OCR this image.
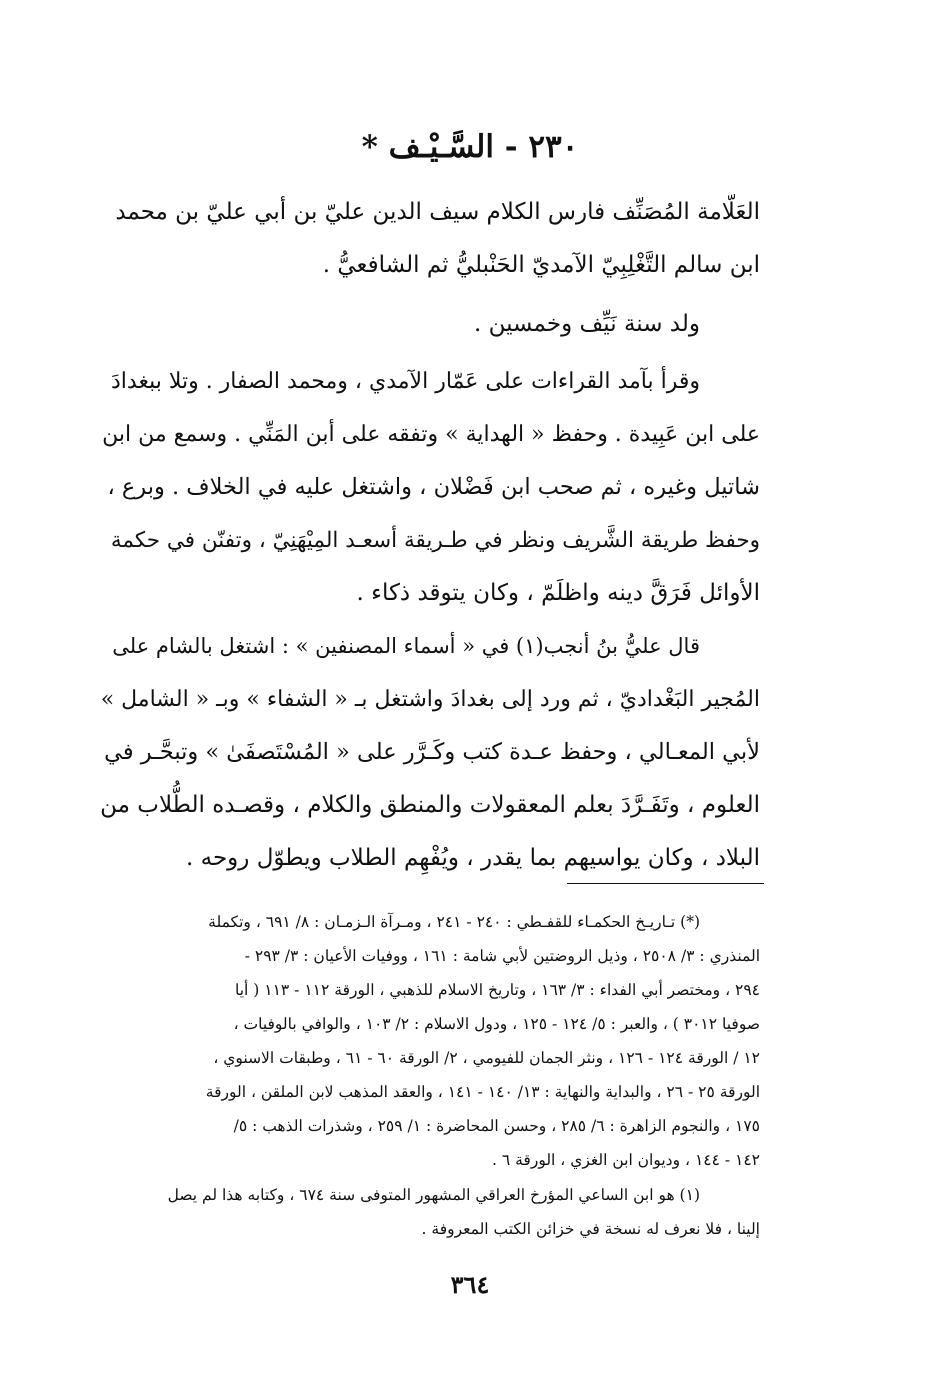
٢٣٠ - السَّـيْـف *
العَلّامة المُصَنِّف فارس الكلام سيف الدين عليّ بن أبي عليّ بن محمد
ابن سالم التَّغْلِبِيّ الآمديّ الحَنْبليُّ ثم الشافعيُّ .
ولد سنة نَيِّف وخمسين .
وقرأ بآمد القراءات على عَمّار الآمدي ، ومحمد الصفار . وتلا ببغدادَ
على ابن عَبِيدة . وحفظ « الهداية » وتفقه على أبن المَنِّي . وسمع من ابن
شاتيل وغيره ، ثم صحب ابن فَضْلان ، واشتغل عليه في الخلاف . وبرع ،
وحفظ طريقة الشَّريف ونظر في طـريقة أسعـد المِيْهَنِيّ ، وتفنّن في حكمة
الأوائل فَرَقَّ دينه واظلَمّ ، وكان يتوقد ذكاء .
قال عليُّ بنُ أنجب(١) في « أسماء المصنفين » : اشتغل بالشام على
المُجير البَغْداديّ ، ثم ورد إلى بغدادَ واشتغل بـ « الشفاء » وبـ « الشامل »
لأبي المعـالي ، وحفظ عـدة كتب وكَـرَّر على « المُسْتَصفَىٰ » وتبحَّـر في
العلوم ، وتَفَـرَّدَ بعلم المعقولات والمنطق والكلام ، وقصـده الطُّلاب من
البلاد ، وكان يواسيهم بما يقدر ، ويُفْهِم الطلاب ويطوّل روحه .
(*) تـاريـخ الحكمـاء للقفـطي : ٢٤٠ - ٢٤١ ، ومـرآة الـزمـان : ٨/ ٦٩١ ، وتكملة
المنذري : ٣/ ٢٥٠٨ ، وذيل الروضتين لأبي شامة : ١٦١ ، ووفيات الأعيان : ٣/ ٢٩٣ -
٢٩٤ ، ومختصر أبي الفداء : ٣/ ١٦٣ ، وتاريخ الاسلام للذهبي ، الورقة ١١٢ - ١١٣ ( أيا
صوفيا ٣٠١٢ ) ، والعبر : ٥/ ١٢٤ - ١٢٥ ، ودول الاسلام : ٢/ ١٠٣ ، والوافي بالوفيات ،
١٢ / الورقة ١٢٤ - ١٢٦ ، ونثر الجمان للفيومي ، ٢/ الورقة ٦٠ - ٦١ ، وطبقات الاسنوي ،
الورقة ٢٥ - ٢٦ ، والبداية والنهاية : ١٣/ ١٤٠ - ١٤١ ، والعقد المذهب لابن الملقن ، الورقة
١٧٥ ، والنجوم الزاهرة : ٦/ ٢٨٥ ، وحسن المحاضرة : ١/ ٢٥٩ ، وشذرات الذهب : ٥/
١٤٢ - ١٤٤ ، وديوان ابن الغزي ، الورقة ٦ .
(١) هو ابن الساعي المؤرخ العراقي المشهور المتوفى سنة ٦٧٤ ، وكتابه هذا لم يصل
إلينا ، فلا نعرف له نسخة في خزائن الكتب المعروفة .
٣٦٤
